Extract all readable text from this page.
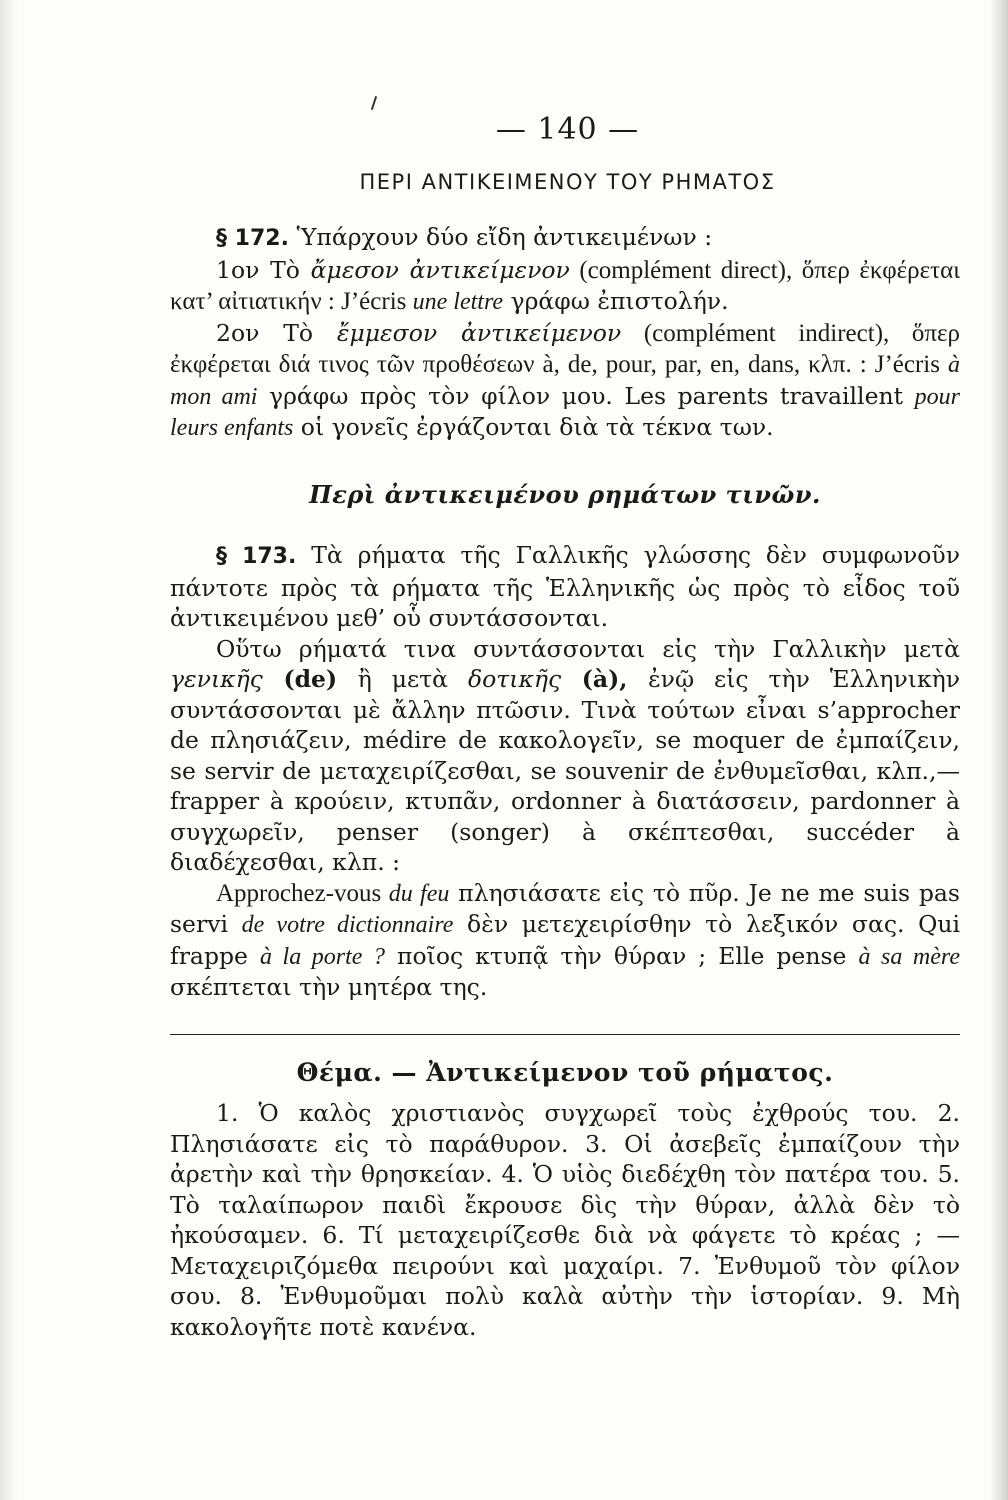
— 140 —
ΠΕΡΙ ΑΝΤΙΚΕΙΜΕΝΟΥ ΤΟΥ ΡΗΜΑΤΟΣ

§ 172. Ὑπάρχουν δύο εἴδη ἀντικειμένων :

1ον Τὸ ἄμεσον ἀντικείμενον (complément direct), ὅπερ ἐκφέρεται κατ’ αἰτιατικήν : J’écris une lettre γράφω ἐπιστολήν.

2ον Τὸ ἔμμεσον ἀντικείμενον (complément indirect), ὅπερ ἐκφέρεται διά τινος τῶν προθέσεων à, de, pour, par, en, dans, κλπ. : J’écris à mon ami γράφω πρὸς τὸν φίλον μου. Les parents travaillent pour leurs enfants οἱ γονεῖς ἐργάζονται διὰ τὰ τέκνα των.

Περὶ ἀντικειμένου ρημάτων τινῶν.

§ 173. Τὰ ρήματα τῆς Γαλλικῆς γλώσσης δὲν συμφωνοῦν πάντοτε πρὸς τὰ ρήματα τῆς Ἑλληνικῆς ὡς πρὸς τὸ εἶδος τοῦ ἀντικειμένου μεθ’ οὗ συντάσσονται.

Οὕτω ρήματά τινα συντάσσονται εἰς τὴν Γαλλικὴν μετὰ γενικῆς (de) ἢ μετὰ δοτικῆς (à), ἐνῷ εἰς τὴν Ἑλληνικὴν συντάσσονται μὲ ἄλλην πτῶσιν. Τινὰ τούτων εἶναι s’approcher de πλησιάζειν, médire de κακολογεῖν, se moquer de ἐμπαίζειν, se servir de μεταχειρίζεσθαι, se souvenir de ἐνθυμεῖσθαι, κλπ.,— frapper à κρούειν, κτυπᾶν, ordonner à διατάσσειν, pardonner à συγχωρεῖν, penser (songer) à σκέπτεσθαι, succéder à διαδέχεσθαι, κλπ. :

Approchez-vous du feu πλησιάσατε εἰς τὸ πῦρ. Je ne me suis pas servi de votre dictionnaire δὲν μετεχειρίσθην τὸ λεξικόν σας. Qui frappe à la porte ? ποῖος κτυπᾷ τὴν θύραν ; Elle pense à sa mère σκέπτεται τὴν μητέρα της.

Θέμα. — Ἀντικείμενον τοῦ ρήματος.

1. Ὁ καλὸς χριστιανὸς συγχωρεῖ τοὺς ἐχθρούς του. 2. Πλησιάσατε εἰς τὸ παράθυρον. 3. Οἱ ἀσεβεῖς ἐμπαίζουν τὴν ἀρετὴν καὶ τὴν θρησκείαν. 4. Ὁ υἱὸς διεδέχθη τὸν πατέρα του. 5. Τὸ ταλαίπωρον παιδὶ ἔκρουσε δὶς τὴν θύραν, ἀλλὰ δὲν τὸ ἠκούσαμεν. 6. Τί μεταχειρίζεσθε διὰ νὰ φάγετε τὸ κρέας ; — Μεταχειριζόμεθα πειρούνι καὶ μαχαίρι. 7. Ἐνθυμοῦ τὸν φίλον σου. 8. Ἐνθυμοῦμαι πολὺ καλὰ αὐτὴν τὴν ἱστορίαν. 9. Μὴ κακολογῆτε ποτὲ κανένα.
